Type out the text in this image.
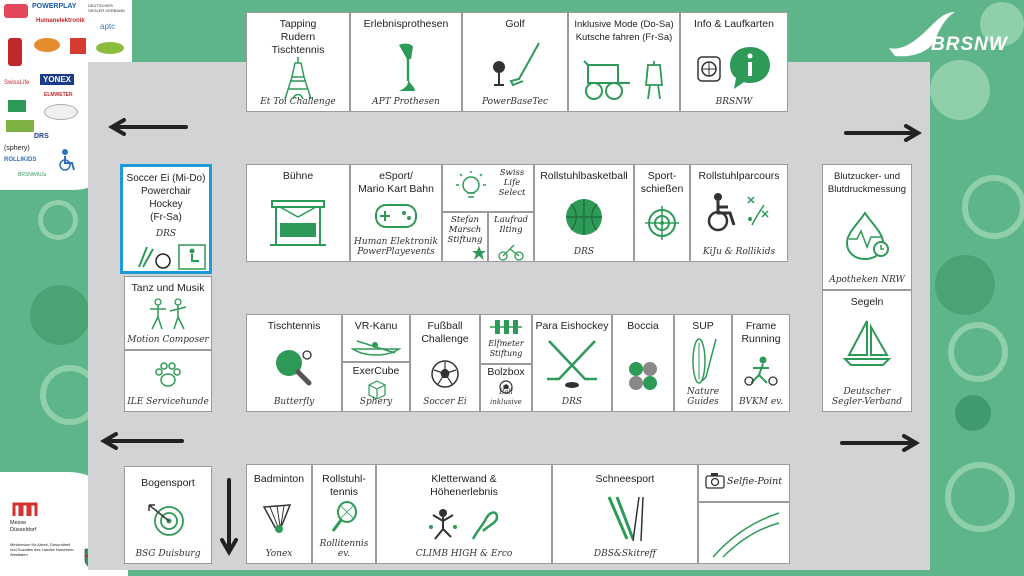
BRSNW
POWERPLAY	DEUTSCHER SEGLER-VERBAND
Humanelektronik
aptc
SwissLife	YONEX
ELMWETER
DRS
(sphery)
ROLLIKIDS
BRSNWKiJu
Messe Düsseldorf
Ministerium für Arbeit, Gesundheit und Soziales des Landes Nordrhein-Westfalen
Tapping
Rudern
Tischtennis
Et Toi Challenge
Erlebnisprothesen
APT Prothesen
Golf
PowerBaseTec
Inklusive Mode (Do-Sa)
Kutsche fahren (Fr-Sa)
Info & Laufkarten
BRSNW
Soccer Ei (Mi-Do)
Powerchair
Hockey
(Fr-Sa)
DRS
Bühne	eSport/
Mario Kart Bahn
Human Elektronik
PowerPlayevents
Swiss
Life
Select
Stefan
Marsch
Stiftung
Laufrad
Ilting
Rollstuhlbasketball
DRS
Sport-
schießen
Rollstuhlparcours
KiJu & Rollikids
Blutzucker- und
Blutdruckmessung
Apotheken NRW
Segeln
Deutscher
Segler-Verband
Tanz und Musik
Motion Composer
ILE Servicehunde
Tischtennis
Butterfly
VR-Kanu
ExerCube
Sphery
Fußball
Challenge
Soccer Ei
Elfmeter
Stiftung
Bolzbox
Ball inklusive
Para Eishockey
DRS
Boccia	SUP
Nature
Guides
Frame
Running
BVKM ev.
Bogensport
BSG Duisburg
Badminton
Yonex
Rollstuhl-
tennis
Rollitennis
ev.
Kletterwand &
Höhenerlebnis
CLIMB HIGH & Erco
Schneesport
DBS&Skitreff
Selfie-Point
